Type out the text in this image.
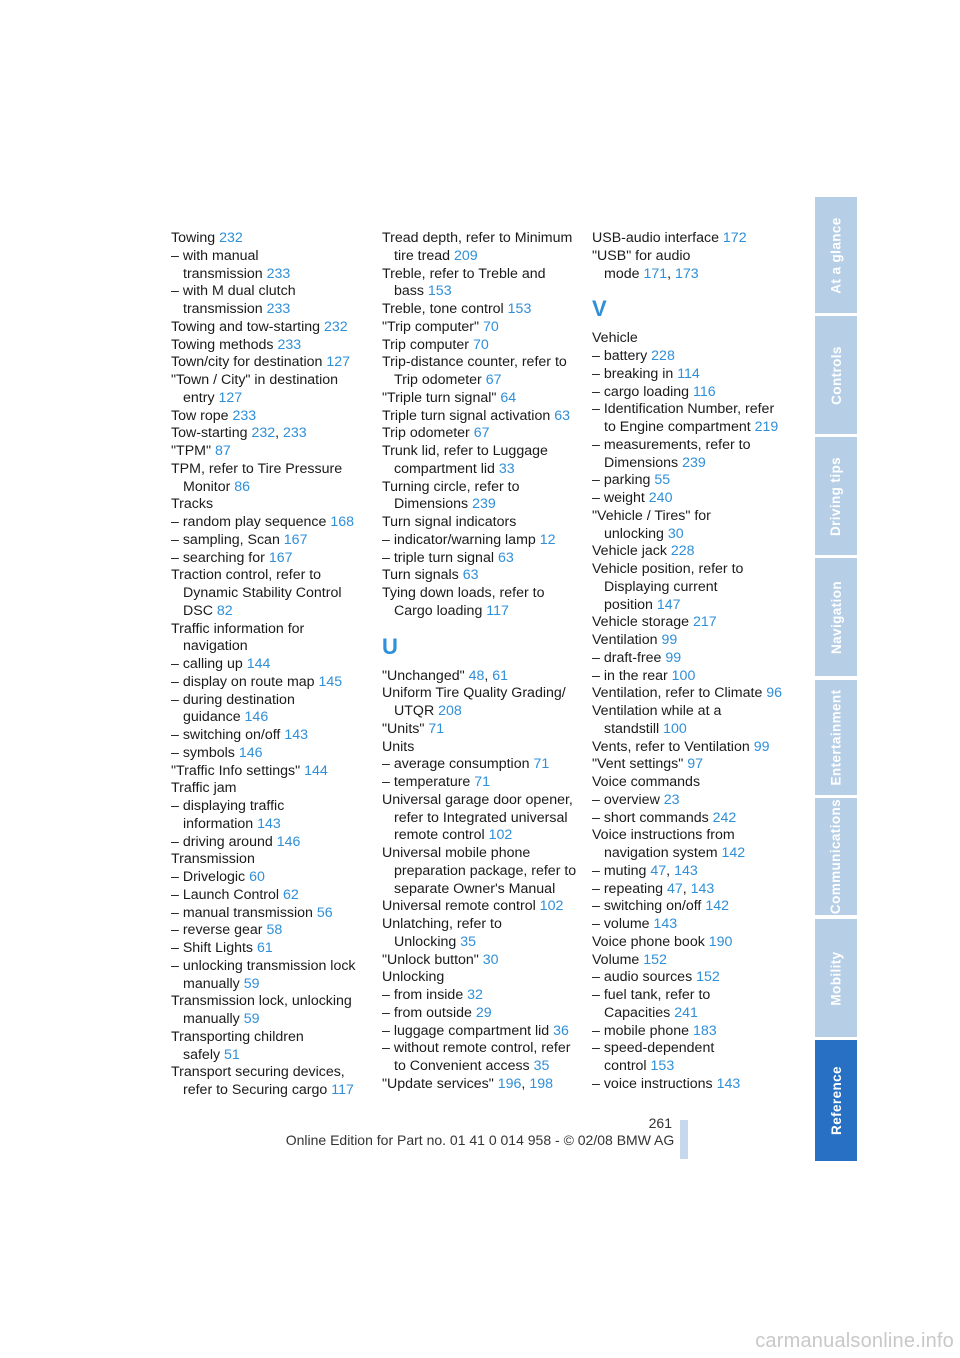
Towing 232
– with manual transmission 233
– with M dual clutch transmission 233
Towing and tow-starting 232
Towing methods 233
Town/city for destination 127
"Town / City" in destination entry 127
Tow rope 233
Tow-starting 232, 233
"TPM" 87
TPM, refer to Tire Pressure Monitor 86
Tracks
– random play sequence 168
– sampling, Scan 167
– searching for 167
Traction control, refer to Dynamic Stability Control DSC 82
Traffic information for navigation
– calling up 144
– display on route map 145
– during destination guidance 146
– switching on/off 143
– symbols 146
"Traffic Info settings" 144
Traffic jam
– displaying traffic information 143
– driving around 146
Transmission
– Drivelogic 60
– Launch Control 62
– manual transmission 56
– reverse gear 58
– Shift Lights 61
– unlocking transmission lock manually 59
Transmission lock, unlocking manually 59
Transporting children safely 51
Transport securing devices, refer to Securing cargo 117
Tread depth, refer to Minimum tire tread 209
Treble, refer to Treble and bass 153
Treble, tone control 153
"Trip computer" 70
Trip computer 70
Trip-distance counter, refer to Trip odometer 67
"Triple turn signal" 64
Triple turn signal activation 63
Trip odometer 67
Trunk lid, refer to Luggage compartment lid 33
Turning circle, refer to Dimensions 239
Turn signal indicators
– indicator/warning lamp 12
– triple turn signal 63
Turn signals 63
Tying down loads, refer to Cargo loading 117
U
"Unchanged" 48, 61
Uniform Tire Quality Grading/ UTQR 208
"Units" 71
Units
– average consumption 71
– temperature 71
Universal garage door opener, refer to Integrated universal remote control 102
Universal mobile phone preparation package, refer to separate Owner's Manual
Universal remote control 102
Unlatching, refer to Unlocking 35
"Unlock button" 30
Unlocking
– from inside 32
– from outside 29
– luggage compartment lid 36
– without remote control, refer to Convenient access 35
"Update services" 196, 198
USB-audio interface 172
"USB" for audio mode 171, 173
V
Vehicle
– battery 228
– breaking in 114
– cargo loading 116
– Identification Number, refer to Engine compartment 219
– measurements, refer to Dimensions 239
– parking 55
– weight 240
"Vehicle / Tires" for unlocking 30
Vehicle jack 228
Vehicle position, refer to Displaying current position 147
Vehicle storage 217
Ventilation 99
– draft-free 99
– in the rear 100
Ventilation, refer to Climate 96
Ventilation while at a standstill 100
Vents, refer to Ventilation 99
"Vent settings" 97
Voice commands
– overview 23
– short commands 242
Voice instructions from navigation system 142
– muting 47, 143
– repeating 47, 143
– switching on/off 142
– volume 143
Voice phone book 190
Volume 152
– audio sources 152
– fuel tank, refer to Capacities 241
– mobile phone 183
– speed-dependent control 153
– voice instructions 143
At a glance
Controls
Driving tips
Navigation
Entertainment
Communications
Mobility
Reference
261
Online Edition for Part no. 01 41 0 014 958 - © 02/08 BMW AG
carmanualsonline.info
